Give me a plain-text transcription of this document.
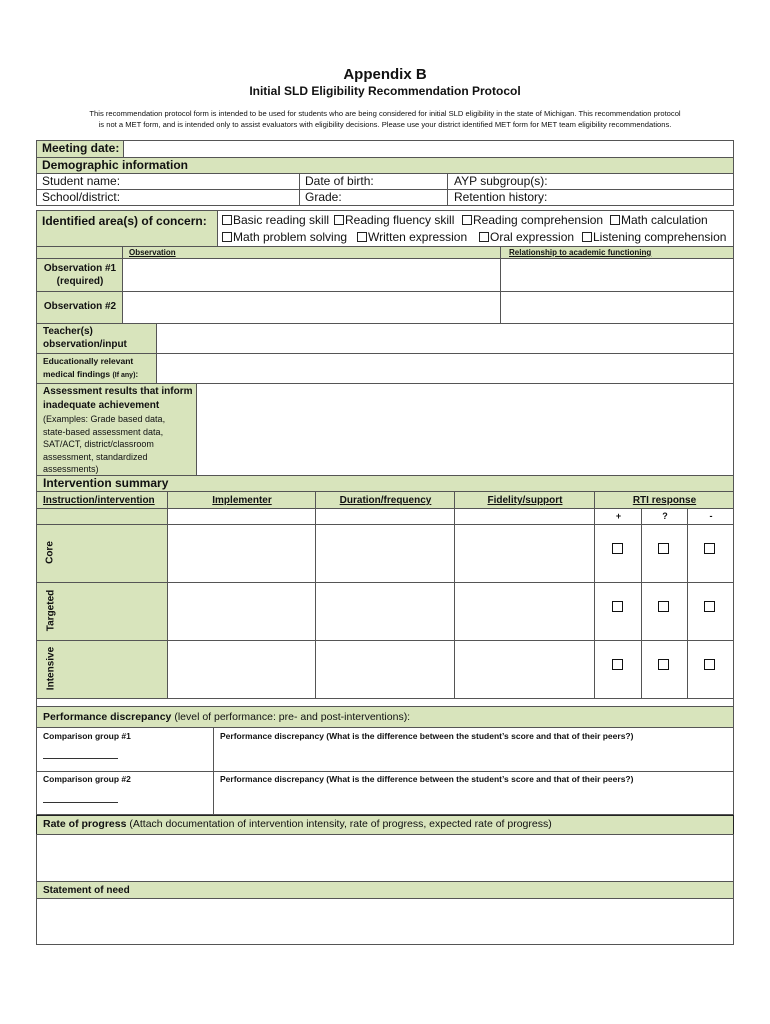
Appendix B
Initial SLD Eligibility Recommendation Protocol
This recommendation protocol form is intended to be used for students who are being considered for initial SLD eligibility in the state of Michigan. This recommendation protocol
is not a MET form, and is intended only to assist evaluators with eligibility decisions. Please use your district identified MET form for MET team eligibility recommendations.
Meeting date:
Demographic information
Student name:	Date of birth:	AYP subgroup(s):
School/district:	Grade:	Retention history:
Identified area(s) of concern:	Basic reading skill	Reading fluency skill	Reading comprehension	Math calculation
Math problem solving	Written expression	Oral expression	Listening comprehension
Observation	Relationship to academic functioning
Observation #1
(required)
Observation #2
Teacher(s)
observation/input
Educationally relevant
medical findings (If any):
Assessment results that inform
inadequate achievement
(Examples: Grade based data,
state-based assessment data,
SAT/ACT, district/classroom
assessment, standardized
assessments)
Intervention summary
Instruction/intervention	Implementer	Duration/frequency	Fidelity/support	RTI response
+	?	-
Core
Targeted
Intensive
Performance discrepancy (level of performance: pre- and post-interventions):
Comparison group #1	Performance discrepancy (What is the difference between the student’s score and that of their peers?)
Comparison group #2	Performance discrepancy (What is the difference between the student’s score and that of their peers?)
Rate of progress (Attach documentation of intervention intensity, rate of progress, expected rate of progress)
Statement of need
